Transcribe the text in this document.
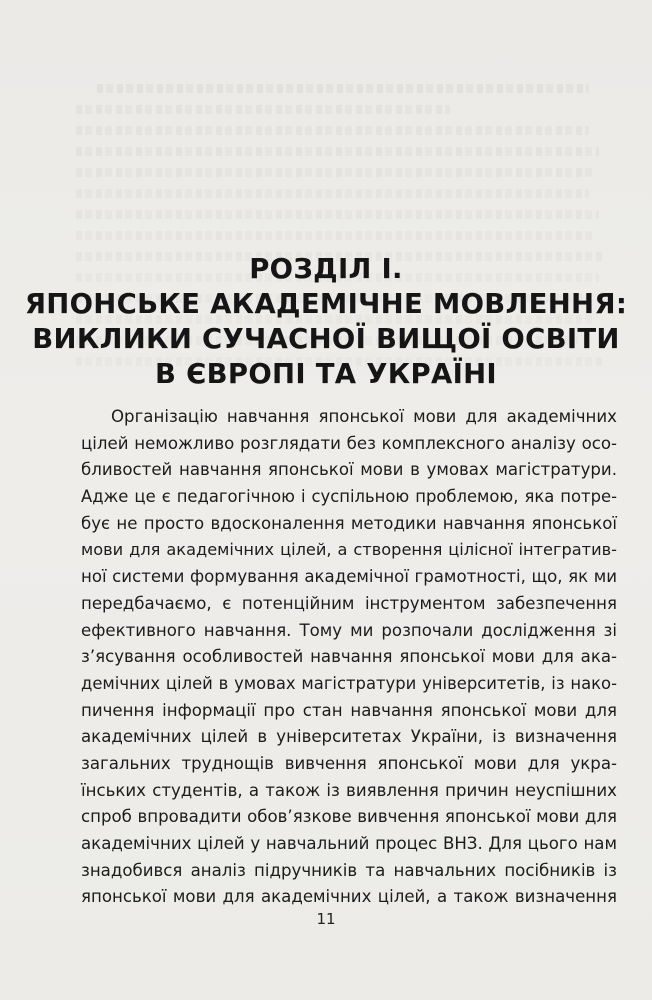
РОЗДІЛ І.
ЯПОНСЬКЕ АКАДЕМІЧНЕ МОВЛЕННЯ:
ВИКЛИКИ СУЧАСНОЇ ВИЩОЇ ОСВІТИ
В ЄВРОПІ ТА УКРАЇНІ
Організацію навчання японської мови для академічних
цілей неможливо розглядати без комплексного аналізу осо-
бливостей навчання японської мови в умовах магістратури.
Адже це є педагогічною і суспільною проблемою, яка потре-
бує не просто вдосконалення методики навчання японської
мови для академічних цілей, а створення цілісної інтегратив-
ної системи формування академічної грамотності, що, як ми
передбачаємо, є потенційним інструментом забезпечення
ефективного навчання. Тому ми розпочали дослідження зі
з’ясування особливостей навчання японської мови для ака-
демічних цілей в умовах магістратури університетів, із нако-
пичення інформації про стан навчання японської мови для
академічних цілей в університетах України, із визначення
загальних труднощів вивчення японської мови для укра-
їнських студентів, а також із виявлення причин неуспішних
спроб впровадити обов’язкове вивчення японської мови для
академічних цілей у навчальний процес ВНЗ. Для цього нам
знадобився аналіз підручників та навчальних посібників із
японської мови для академічних цілей, а також визначення
11
